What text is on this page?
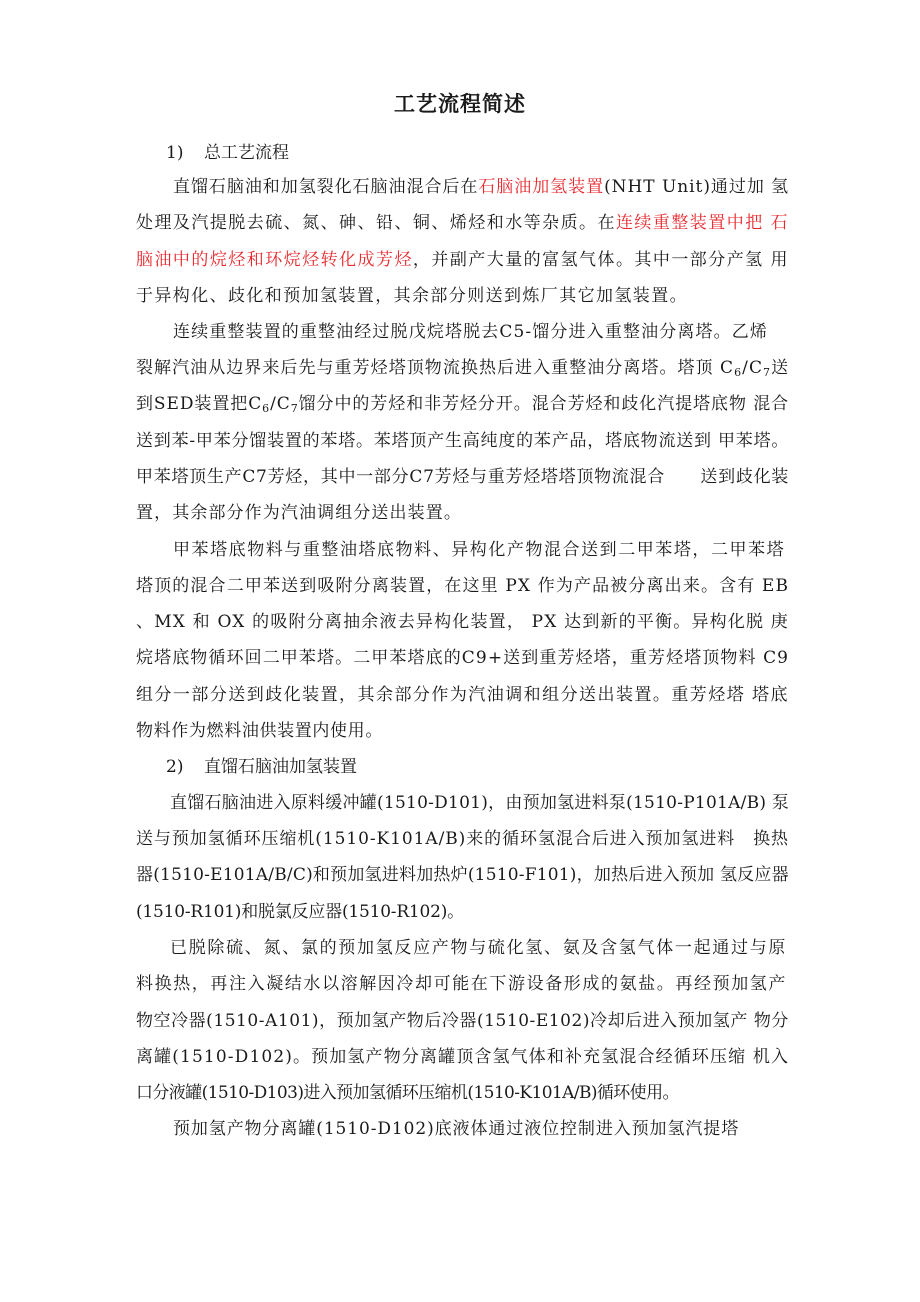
工艺流程简述
1) 总工艺流程
直馏石脑油和加氢裂化石脑油混合后在石脑油加氢装置(NHT Unit)通过加 氢
处理及汽提脱去硫、氮、砷、铅、铜、烯烃和水等杂质。在连续重整装置中把 石
脑油中的烷烃和环烷烃转化成芳烃，并副产大量的富氢气体。其中一部分产氢 用
于异构化、歧化和预加氢装置，其余部分则送到炼厂其它加氢装置。
连续重整装置的重整油经过脱戊烷塔脱去C5-馏分进入重整油分离塔。乙烯
裂解汽油从边界来后先与重芳烃塔顶物流换热后进入重整油分离塔。塔顶 $C_6/C_7$送
到SED装置把$C_6/C_7$馏分中的芳烃和非芳烃分开。混合芳烃和歧化汽提塔底物 混合
送到苯-甲苯分馏装置的苯塔。苯塔顶产生高纯度的苯产品，塔底物流送到 甲苯塔。
甲苯塔顶生产C7芳烃，其中一部分C7芳烃与重芳烃塔塔顶物流混合　　送到歧化装
置，其余部分作为汽油调组分送出装置。
甲苯塔底物料与重整油塔底物料、异构化产物混合送到二甲苯塔，二甲苯塔
塔顶的混合二甲苯送到吸附分离装置，在这里 PX 作为产品被分离出来。含有 EB
、MX 和 OX 的吸附分离抽余液去异构化装置， PX 达到新的平衡。异构化脱 庚
烷塔底物循环回二甲苯塔。二甲苯塔底的C9+送到重芳烃塔，重芳烃塔顶物料 C9
组分一部分送到歧化装置，其余部分作为汽油调和组分送出装置。重芳烃塔 塔底
物料作为燃料油供装置内使用。
2) 直馏石脑油加氢装置
直馏石脑油进入原料缓冲罐(1510-D101)，由预加氢进料泵(1510-P101A/B) 泵
送与预加氢循环压缩机(1510-K101A/B)来的循环氢混合后进入预加氢进料　换热
器(1510-E101A/B/C)和预加氢进料加热炉(1510-F101)，加热后进入预加 氢反应器
(1510-R101)和脱氯反应器(1510-R102)。
已脱除硫、氮、氯的预加氢反应产物与硫化氢、氨及含氢气体一起通过与原
料换热，再注入凝结水以溶解因冷却可能在下游设备形成的氨盐。再经预加氢产
物空冷器(1510-A101)，预加氢产物后冷器(1510-E102)冷却后进入预加氢产 物分
离罐(1510-D102)。预加氢产物分离罐顶含氢气体和补充氢混合经循环压缩 机入
口分液罐(1510-D103)进入预加氢循环压缩机(1510-K101A/B)循环使用。
预加氢产物分离罐(1510-D102)底液体通过液位控制进入预加氢汽提塔
